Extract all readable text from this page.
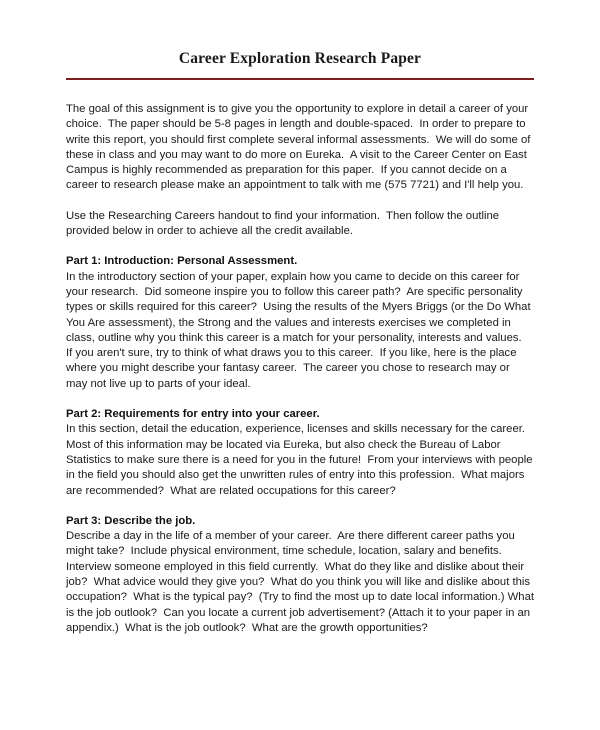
Career Exploration Research Paper

The goal of this assignment is to give you the opportunity to explore in detail a career of your choice.  The paper should be 5-8 pages in length and double-spaced.  In order to prepare to write this report, you should first complete several informal assessments.  We will do some of these in class and you may want to do more on Eureka.  A visit to the Career Center on East Campus is highly recommended as preparation for this paper.  If you cannot decide on a career to research please make an appointment to talk with me (575 7721) and I'll help you.

Use the Researching Careers handout to find your information.  Then follow the outline provided below in order to achieve all the credit available.

Part 1: Introduction: Personal Assessment.

In the introductory section of your paper, explain how you came to decide on this career for your research.  Did someone inspire you to follow this career path?  Are specific personality types or skills required for this career?  Using the results of the Myers Briggs (or the Do What You Are assessment), the Strong and the values and interests exercises we completed in class, outline why you think this career is a match for your personality, interests and values.  If you aren't sure, try to think of what draws you to this career.  If you like, here is the place where you might describe your fantasy career.  The career you chose to research may or may not live up to parts of your ideal.

Part 2: Requirements for entry into your career.

In this section, detail the education, experience, licenses and skills necessary for the career.  Most of this information may be located via Eureka, but also check the Bureau of Labor Statistics to make sure there is a need for you in the future!  From your interviews with people in the field you should also get the unwritten rules of entry into this profession.  What majors are recommended?  What are related occupations for this career?

Part 3: Describe the job.

Describe a day in the life of a member of your career.  Are there different career paths you might take?  Include physical environment, time schedule, location, salary and benefits.  Interview someone employed in this field currently.  What do they like and dislike about their job?  What advice would they give you?  What do you think you will like and dislike about this occupation?  What is the typical pay?  (Try to find the most up to date local information.) What is the job outlook?  Can you locate a current job advertisement? (Attach it to your paper in an appendix.)  What is the job outlook?  What are the growth opportunities?
